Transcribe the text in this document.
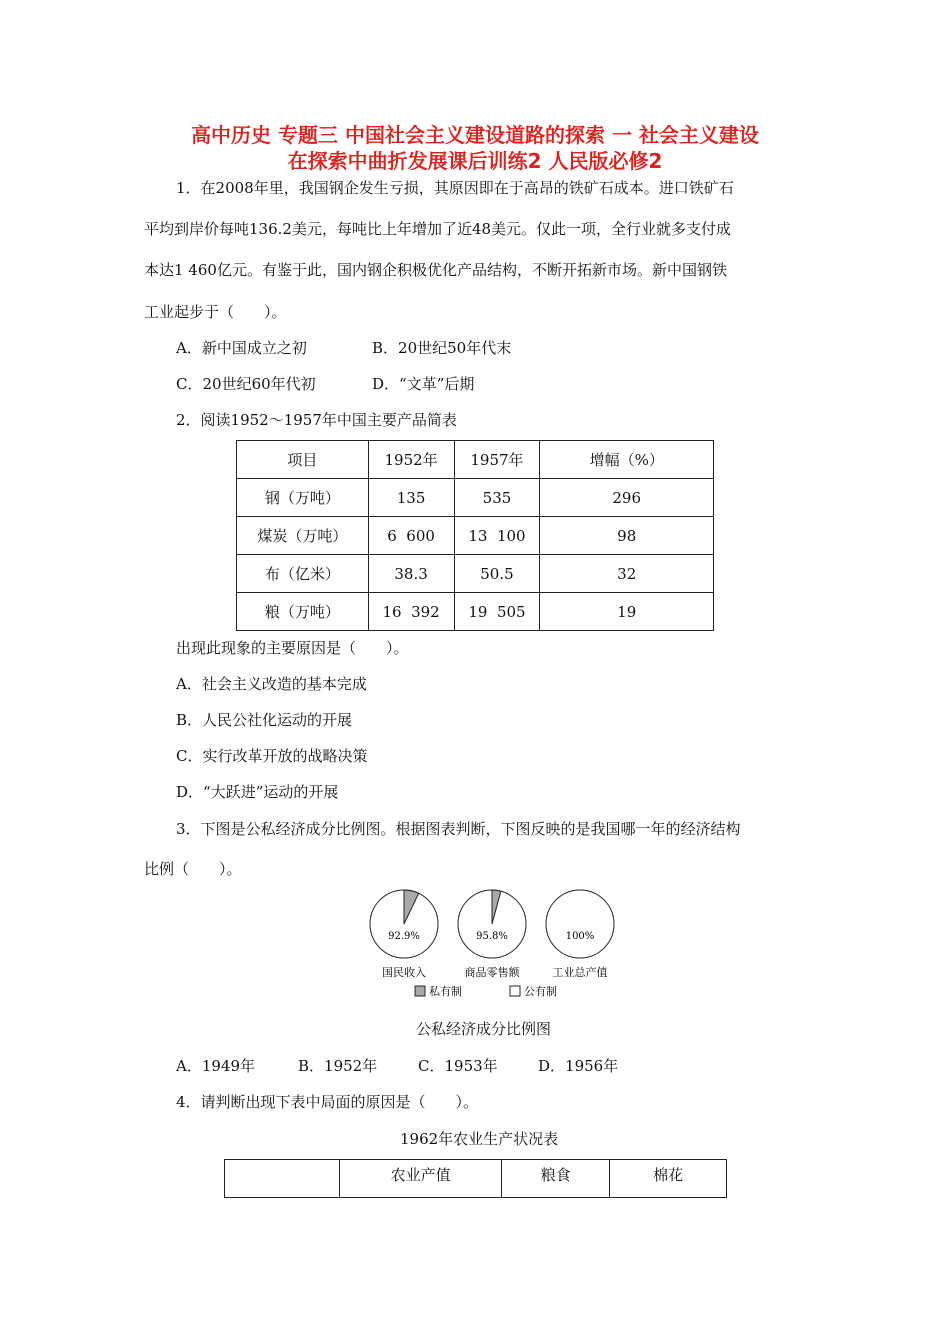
高中历史 专题三 中国社会主义建设道路的探索 一 社会主义建设
在探索中曲折发展课后训练2 人民版必修2
1．在2008年里，我国钢企发生亏损，其原因即在于高昂的铁矿石成本。进口铁矿石
平均到岸价每吨136.2美元，每吨比上年增加了近48美元。仅此一项，全行业就多支付成
本达1 460亿元。有鉴于此，国内钢企积极优化产品结构，不断开拓新市场。新中国钢铁
工业起步于（　　）。
A．新中国成立之初	B．20世纪50年代末
C．20世纪60年代初	D．“文革”后期
2．阅读1952～1957年中国主要产品简表
项目	1952年	1957年	增幅（%）
钢（万吨）	135	535	296
煤炭（万吨）	6  600	13  100	98
布（亿米）	38.3	50.5	32
粮（万吨）	16  392	19  505	19
出现此现象的主要原因是（　　）。
A．社会主义改造的基本完成
B．人民公社化运动的开展
C．实行改革开放的战略决策
D．“大跃进”运动的开展
3．下图是公私经济成分比例图。根据图表判断，下图反映的是我国哪一年的经济结构
比例（　　）。
92.9%
国民收入
95.8%
商品零售额
100%
工业总产值
私有制	公有制
公私经济成分比例图
A．1949年	B．1952年	C．1953年	D．1956年
4．请判断出现下表中局面的原因是（　　）。
1962年农业生产状况表
	农业产值	粮食	棉花
